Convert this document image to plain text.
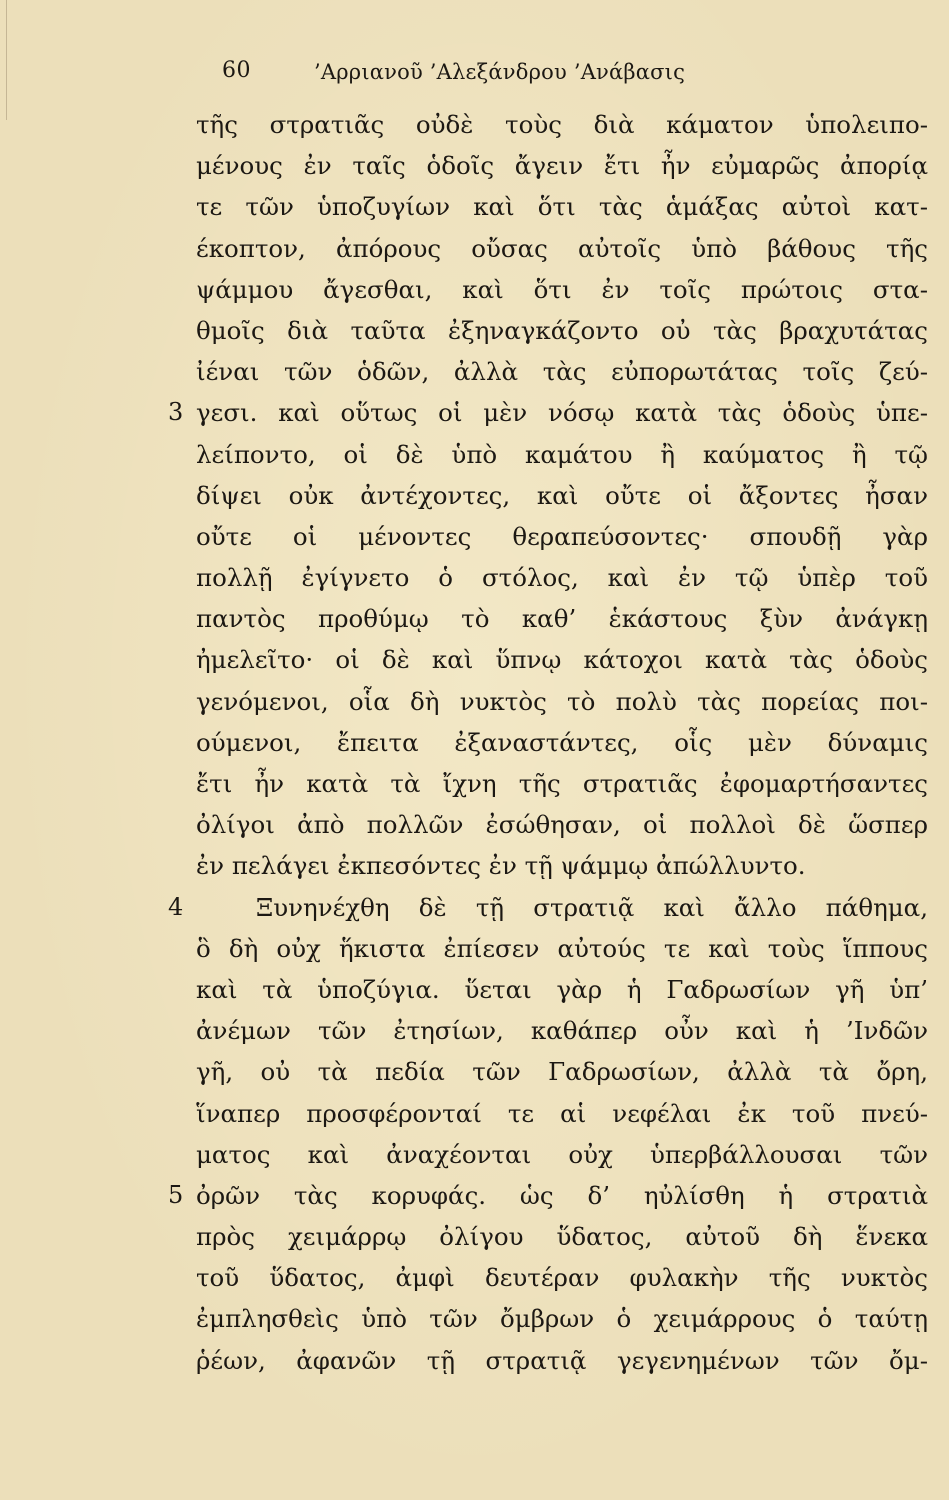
60	’Αρριανοῦ ’Αλεξάνδρου ’Ανάβασις
τῆς στρατιᾶς οὐδὲ τοὺς διὰ κάματον ὑπολειπο-
μένους ἐν ταῖς ὁδοῖς ἄγειν ἔτι ἦν εὐμαρῶς ἀπορίᾳ
τε τῶν ὑποζυγίων καὶ ὅτι τὰς ἁμάξας αὐτοὶ κατ-
έκοπτον, ἀπόρους οὔσας αὐτοῖς ὑπὸ βάθους τῆς
ψάμμου ἄγεσθαι, καὶ ὅτι ἐν τοῖς πρώτοις στα-
θμοῖς διὰ ταῦτα ἐξηναγκάζοντο οὐ τὰς βραχυτάτας
ἰέναι τῶν ὁδῶν, ἀλλὰ τὰς εὐπορωτάτας τοῖς ζεύ-
3 γεσι. καὶ οὕτως οἱ μὲν νόσῳ κατὰ τὰς ὁδοὺς ὑπε-
λείποντο, οἱ δὲ ὑπὸ καμάτου ἢ καύματος ἢ τῷ
δίψει οὐκ ἀντέχοντες, καὶ οὔτε οἱ ἄξοντες ἦσαν
οὔτε οἱ μένοντες θεραπεύσοντες· σπουδῇ γὰρ
πολλῇ ἐγίγνετο ὁ στόλος, καὶ ἐν τῷ ὑπὲρ τοῦ
παντὸς προθύμῳ τὸ καθ’ ἑκάστους ξὺν ἀνάγκῃ
ἠμελεῖτο· οἱ δὲ καὶ ὕπνῳ κάτοχοι κατὰ τὰς ὁδοὺς
γενόμενοι, οἷα δὴ νυκτὸς τὸ πολὺ τὰς πορείας ποι-
ούμενοι, ἔπειτα ἐξαναστάντες, οἷς μὲν δύναμις
ἔτι ἦν κατὰ τὰ ἴχνη τῆς στρατιᾶς ἐφομαρτήσαντες
ὀλίγοι ἀπὸ πολλῶν ἐσώθησαν, οἱ πολλοὶ δὲ ὥσπερ
ἐν πελάγει ἐκπεσόντες ἐν τῇ ψάμμῳ ἀπώλλυντο.
4	Ξυνηνέχθη δὲ τῇ στρατιᾷ καὶ ἄλλο πάθημα,
ὃ δὴ οὐχ ἥκιστα ἐπίεσεν αὐτούς τε καὶ τοὺς ἵππους
καὶ τὰ ὑποζύγια. ὕεται γὰρ ἡ Γαδρωσίων γῆ ὑπ’
ἀνέμων τῶν ἐτησίων, καθάπερ οὖν καὶ ἡ ’Ινδῶν
γῆ, οὐ τὰ πεδία τῶν Γαδρωσίων, ἀλλὰ τὰ ὄρη,
ἵναπερ προσφέρονταί τε αἱ νεφέλαι ἐκ τοῦ πνεύ-
ματος καὶ ἀναχέονται οὐχ ὑπερβάλλουσαι τῶν
5 ὀρῶν τὰς κορυφάς. ὡς δ’ ηὐλίσθη ἡ στρατιὰ
πρὸς χειμάρρῳ ὀλίγου ὕδατος, αὐτοῦ δὴ ἕνεκα
τοῦ ὕδατος, ἀμφὶ δευτέραν φυλακὴν τῆς νυκτὸς
ἐμπλησθεὶς ὑπὸ τῶν ὄμβρων ὁ χειμάρρους ὁ ταύτῃ
ῥέων, ἀφανῶν τῇ στρατιᾷ γεγενημένων τῶν ὄμ-
